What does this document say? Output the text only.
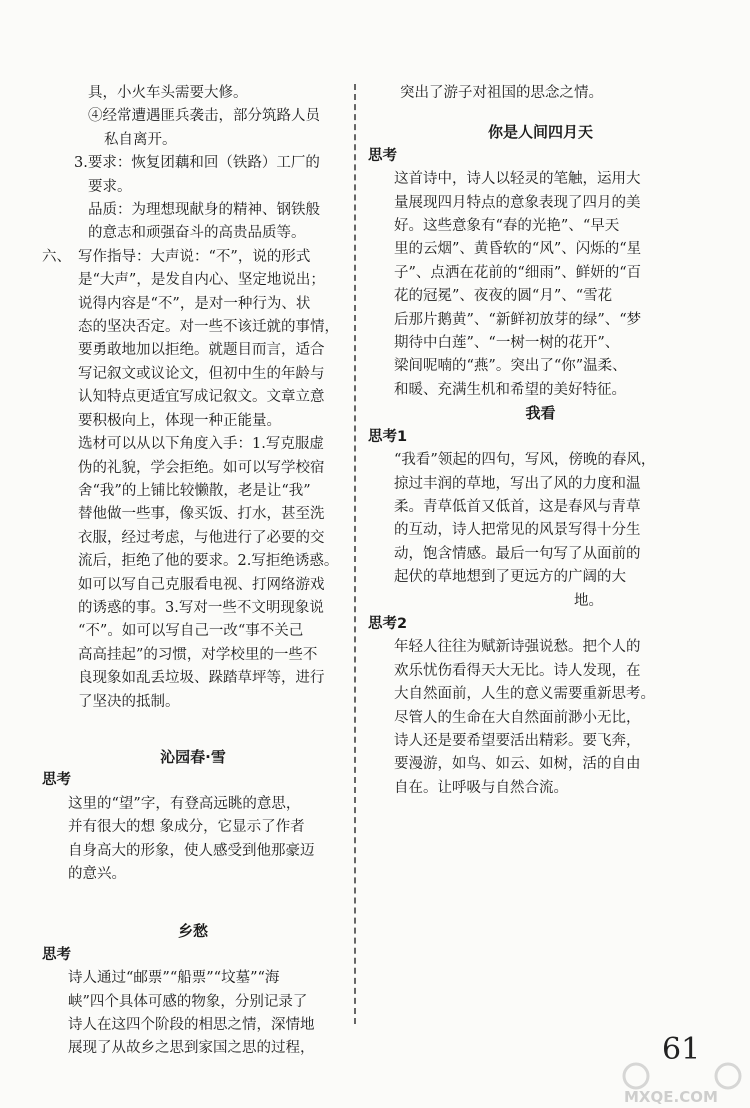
具，小火车头需要大修。

④经常遭遇匪兵袭击，部分筑路人员

私自离开。

3.要求：恢复团藕和回（铁路）工厂的

要求。

品质：为理想现献身的精神、钢铁般

的意志和顽强奋斗的高贵品质等。

六、 写作指导：大声说：“不”，说的形式

是“大声”，是发自内心、坚定地说出；

说得内容是“不”，是对一种行为、状

态的坚决否定。对一些不该迁就的事情，

要勇敢地加以拒绝。就题目而言，适合

写记叙文或议论文，但初中生的年龄与

认知特点更适宜写成记叙文。文章立意

要积极向上，体现一种正能量。

选材可以从以下角度入手：1.写克服虚

伪的礼貌，学会拒绝。如可以写学校宿

舍“我”的上铺比较懒散，老是让“我”

替他做一些事，像买饭、打水，甚至洗

衣服，经过考虑，与他进行了必要的交

流后，拒绝了他的要求。2.写拒绝诱惑。

如可以写自己克服看电视、打网络游戏

的诱惑的事。3.写对一些不文明现象说

“不”。如可以写自己一改“事不关己

高高挂起”的习惯，对学校里的一些不

良现象如乱丢垃圾、跺踏草坪等，进行

了坚决的抵制。

沁园春·雪

思考

这里的“望”字，有登高远眺的意思，

并有很大的想 象成分，它显示了作者

自身高大的形象，使人感受到他那豪迈

的意兴。

乡愁

思考

诗人通过“邮票”“船票”“坟墓”“海

峡”四个具体可感的物象，分别记录了

诗人在这四个阶段的相思之情，深情地

展现了从故乡之思到家国之思的过程，

突出了游子对祖国的思念之情。

你是人间四月天

思考

这首诗中，诗人以轻灵的笔触，运用大

量展现四月特点的意象表现了四月的美

好。这些意象有“春的光艳”、“早天

里的云烟”、黄昏软的“风”、闪烁的“星

子”、点洒在花前的“细雨”、鲜妍的“百

花的冠冕”、夜夜的圆“月”、“雪花

后那片鹅黄”、“新鲜初放芽的绿”、“梦

期待中白莲”、“一树一树的花开”、

梁间呢喃的“燕”。突出了“你”温柔、

和暖、充满生机和希望的美好特征。

我看

思考1

“我看”领起的四句，写风，傍晚的春风，

掠过丰润的草地，写出了风的力度和温

柔。青草低首又低首，这是春风与青草

的互动，诗人把常见的风景写得十分生

动，饱含情感。最后一句写了从面前的

起伏的草地想到了更远方的广阔的大

地。

思考2

年轻人往往为赋新诗强说愁。把个人的

欢乐忧伤看得天大无比。诗人发现，在

大自然面前，人生的意义需要重新思考。

尽管人的生命在大自然面前渺小无比，

诗人还是要希望要活出精彩。要飞奔，

要漫游，如鸟、如云、如树，活的自由

自在。让呼吸与自然合流。

61
MXQE.COM
